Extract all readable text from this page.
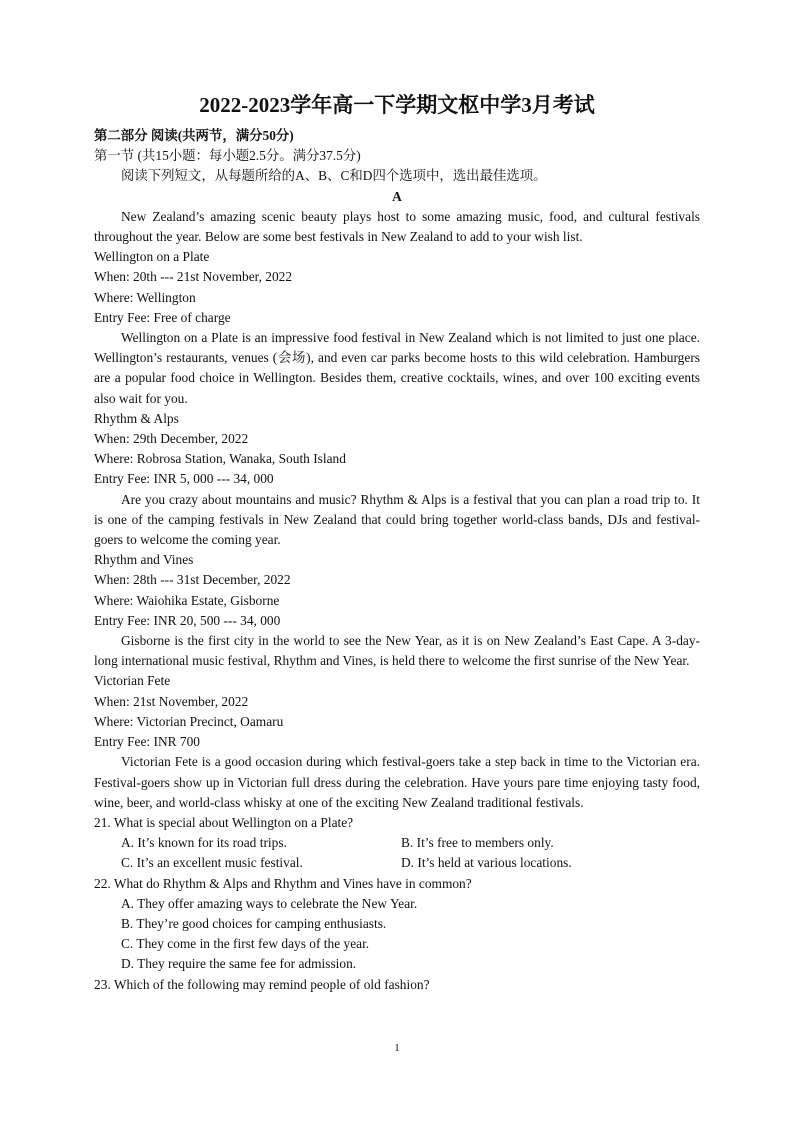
2022-2023学年高一下学期文枢中学3月考试

第二部分 阅读(共两节，满分50分)

第一节 (共15小题：每小题2.5分。满分37.5分)

阅读下列短文，从每题所给的A、B、C和D四个选项中，选出最佳选项。

A

New Zealand’s amazing scenic beauty plays host to some amazing music, food, and cultural festivals throughout the year. Below are some best festivals in New Zealand to add to your wish list.

Wellington on a Plate

When: 20th --- 21st November, 2022

Where: Wellington

Entry Fee: Free of charge

Wellington on a Plate is an impressive food festival in New Zealand which is not limited to just one place. Wellington’s restaurants, venues (会场), and even car parks become hosts to this wild celebration. Hamburgers are a popular food choice in Wellington. Besides them, creative cocktails, wines, and over 100 exciting events also wait for you.

Rhythm & Alps

When: 29th December, 2022

Where: Robrosa Station, Wanaka, South Island

Entry Fee: INR 5, 000 --- 34, 000

Are you crazy about mountains and music? Rhythm & Alps is a festival that you can plan a road trip to. It is one of the camping festivals in New Zealand that could bring together world-class bands, DJs and festival-goers to welcome the coming year.

Rhythm and Vines

When: 28th --- 31st December, 2022

Where: Waiohika Estate, Gisborne

Entry Fee: INR 20, 500 --- 34, 000

Gisborne is the first city in the world to see the New Year, as it is on New Zealand’s East Cape. A 3-day-long international music festival, Rhythm and Vines, is held there to welcome the first sunrise of the New Year.

Victorian Fete

When: 21st November, 2022

Where: Victorian Precinct, Oamaru

Entry Fee: INR 700

Victorian Fete is a good occasion during which festival-goers take a step back in time to the Victorian era. Festival-goers show up in Victorian full dress during the celebration. Have yours pare time enjoying tasty food, wine, beer, and world-class whisky at one of the exciting New Zealand traditional festivals.

21. What is special about Wellington on a Plate?

A. It’s known for its road trips.	B. It’s free to members only.
C. It’s an excellent music festival.	D. It’s held at various locations.

22. What do Rhythm & Alps and Rhythm and Vines have in common?

A. They offer amazing ways to celebrate the New Year.

B. They’re good choices for camping enthusiasts.

C. They come in the first few days of the year.

D. They require the same fee for admission.

23. Which of the following may remind people of old fashion?

1
